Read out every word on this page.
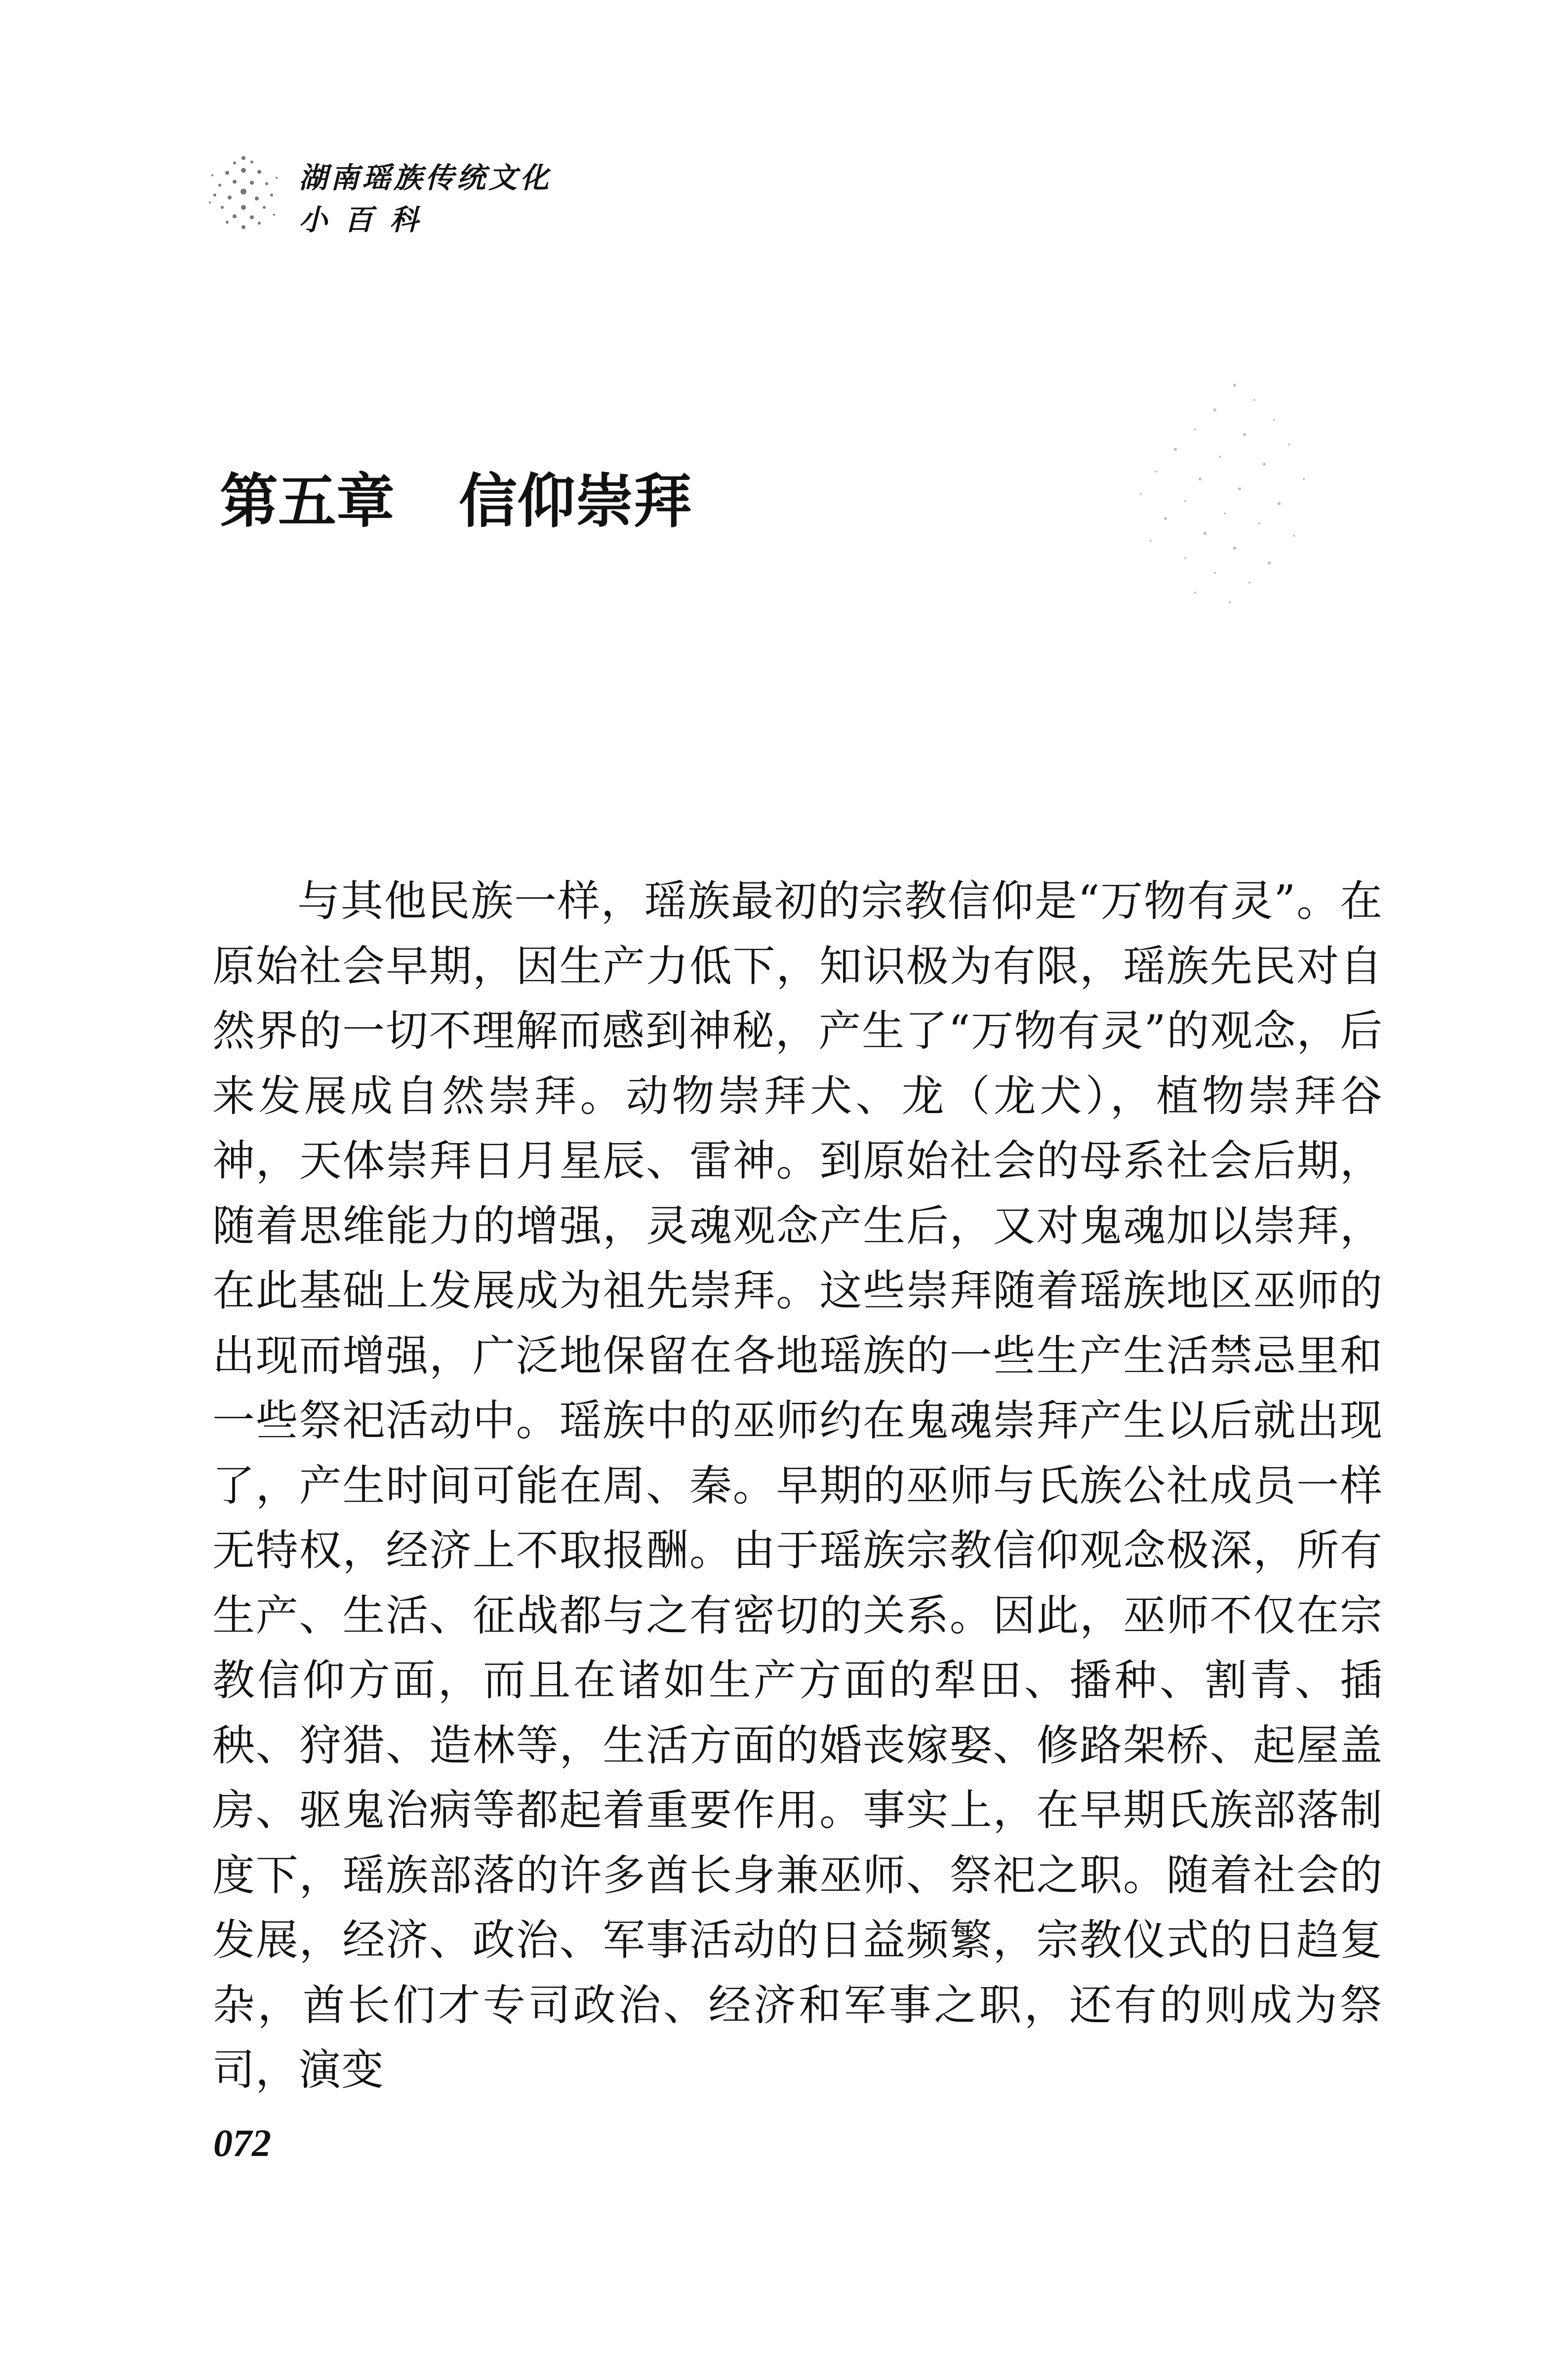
湖南瑶族传统文化
小百科
第五章 信仰崇拜

与其他民族一样，瑶族最初的宗教信仰是“万物有灵”。在原始社会早期，因生产力低下，知识极为有限，瑶族先民对自然界的一切不理解而感到神秘，产生了“万物有灵”的观念，后来发展成自然崇拜。动物崇拜犬、龙（龙犬），植物崇拜谷神，天体崇拜日月星辰、雷神。到原始社会的母系社会后期，随着思维能力的增强，灵魂观念产生后，又对鬼魂加以崇拜，在此基础上发展成为祖先崇拜。这些崇拜随着瑶族地区巫师的出现而增强，广泛地保留在各地瑶族的一些生产生活禁忌里和一些祭祀活动中。瑶族中的巫师约在鬼魂崇拜产生以后就出现了，产生时间可能在周、秦。早期的巫师与氏族公社成员一样无特权，经济上不取报酬。由于瑶族宗教信仰观念极深，所有生产、生活、征战都与之有密切的关系。因此，巫师不仅在宗教信仰方面，而且在诸如生产方面的犁田、播种、割青、插秧、狩猎、造林等，生活方面的婚丧嫁娶、修路架桥、起屋盖房、驱鬼治病等都起着重要作用。事实上，在早期氏族部落制度下，瑶族部落的许多酋长身兼巫师、祭祀之职。随着社会的发展，经济、政治、军事活动的日益频繁，宗教仪式的日趋复杂，酋长们才专司政治、经济和军事之职，还有的则成为祭司，演变

072
